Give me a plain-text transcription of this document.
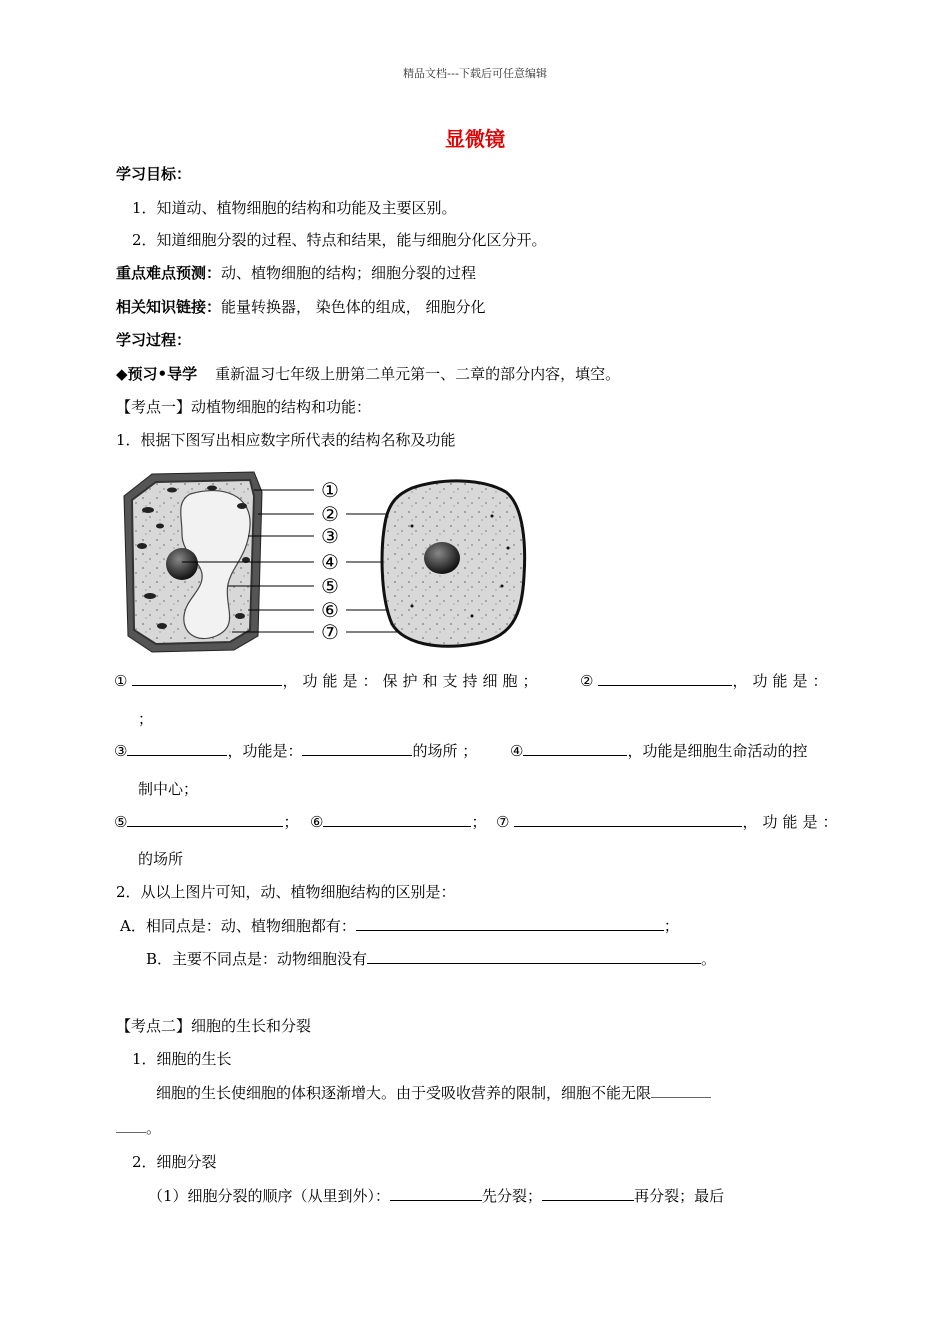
精品文档---下载后可任意编辑
显微镜
学习目标：
1．知道动、植物细胞的结构和功能及主要区别。
2．知道细胞分裂的过程、特点和结果，能与细胞分化区分开。
重点难点预测：动、植物细胞的结构；细胞分裂的过程
相关知识链接：能量转换器， 染色体的组成， 细胞分化
学习过程：
◆预习•导学 重新温习七年级上册第二单元第一、二章的部分内容，填空。
【考点一】动植物细胞的结构和功能：
1．根据下图写出相应数字所代表的结构名称及功能
①
②
③
④
⑤
⑥
⑦
①	，功能是：保护和支持细胞；	②	，功能是：
；
③	，功能是：	的场所 ； ④	，功能是细胞生命活动的控
制中心；
⑤	； ⑥	； ⑦	，功能是：
的场所
2．从以上图片可知，动、植物细胞结构的区别是：
A．相同点是：动、植物细胞都有：	；
B．主要不同点是：动物细胞没有	。
【考点二】细胞的生长和分裂
1．细胞的生长
细胞的生长使细胞的体积逐渐增大。由于受吸收营养的限制，细胞不能无限
。
2．细胞分裂
（1）细胞分裂的顺序（从里到外）：	先分裂；	再分裂；最后
